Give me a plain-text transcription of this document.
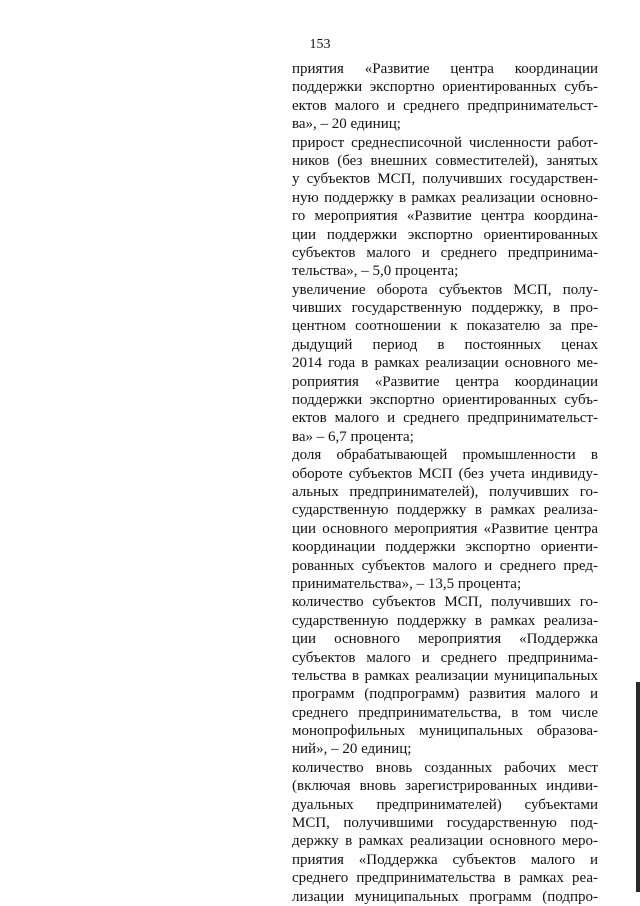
153
приятия «Развитие центра координации
поддержки экспортно ориентированных субъ-
ектов малого и среднего предпринимательст-
ва», – 20 единиц;
прирост среднесписочной численности работ-
ников (без внешних совместителей), занятых
у субъектов МСП, получивших государствен-
ную поддержку в рамках реализации основно-
го мероприятия «Развитие центра координа-
ции поддержки экспортно ориентированных
субъектов малого и среднего предпринима-
тельства», – 5,0 процента;
увеличение оборота субъектов МСП, полу-
чивших государственную поддержку, в про-
центном соотношении к показателю за пре-
дыдущий период в постоянных ценах
2014 года в рамках реализации основного ме-
роприятия «Развитие центра координации
поддержки экспортно ориентированных субъ-
ектов малого и среднего предпринимательст-
ва» – 6,7 процента;
доля обрабатывающей промышленности в
обороте субъектов МСП (без учета индивиду-
альных предпринимателей), получивших го-
сударственную поддержку в рамках реализа-
ции основного мероприятия «Развитие центра
координации поддержки экспортно ориенти-
рованных субъектов малого и среднего пред-
принимательства», – 13,5 процента;
количество субъектов МСП, получивших го-
сударственную поддержку в рамках реализа-
ции основного мероприятия «Поддержка
субъектов малого и среднего предпринима-
тельства в рамках реализации муниципальных
программ (подпрограмм) развития малого и
среднего предпринимательства, в том числе
монопрофильных муниципальных образова-
ний», – 20 единиц;
количество вновь созданных рабочих мест
(включая вновь зарегистрированных индиви-
дуальных предпринимателей) субъектами
МСП, получившими государственную под-
держку в рамках реализации основного меро-
приятия «Поддержка субъектов малого и
среднего предпринимательства в рамках реа-
лизации муниципальных программ (подпро-
